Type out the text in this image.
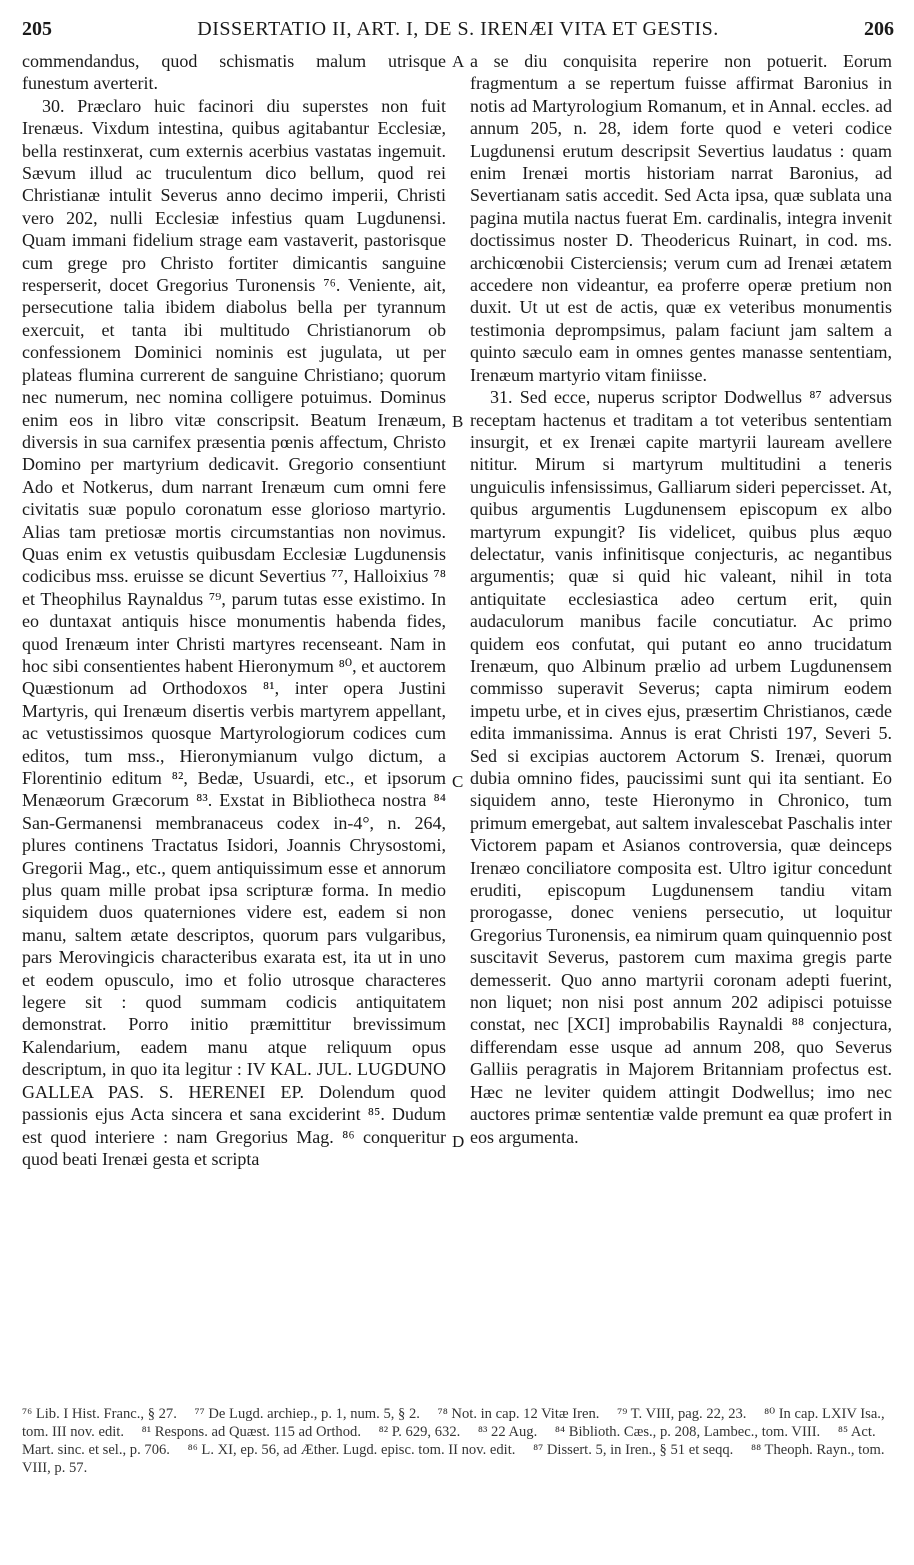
205	DISSERTATIO II, ART. I, DE S. IRENÆI VITA ET GESTIS.	206

commendandus, quod schismatis malum utrisque funestum averterit.

30. Præclaro huic facinori diu superstes non fuit Irenæus. Vixdum intestina, quibus agitabantur Ecclesiæ, bella restinxerat, cum externis acerbius vastatas ingemuit. Sævum illud ac truculentum dico bellum, quod rei Christianæ intulit Severus anno decimo imperii, Christi vero 202, nulli Ecclesiæ infestius quam Lugdunensi. Quam immani fidelium strage eam vastaverit, pastorisque cum grege pro Christo fortiter dimicantis sanguine resperserit, docet Gregorius Turonensis ⁷⁶. Veniente, ait, persecutione talia ibidem diabolus bella per tyrannum exercuit, et tanta ibi multitudo Christianorum ob confessionem Dominici nominis est jugulata, ut per plateas flumina currerent de sanguine Christiano; quorum nec numerum, nec nomina colligere potuimus. Dominus enim eos in libro vitæ conscripsit. Beatum Irenæum, diversis in sua carnifex præsentia pœnis affectum, Christo Domino per martyrium dedicavit. Gregorio consentiunt Ado et Notkerus, dum narrant Irenæum cum omni fere civitatis suæ populo coronatum esse glorioso martyrio. Alias tam pretiosæ mortis circumstantias non novimus. Quas enim ex vetustis quibusdam Ecclesiæ Lugdunensis codicibus mss. eruisse se dicunt Severtius ⁷⁷, Halloixius ⁷⁸ et Theophilus Raynaldus ⁷⁹, parum tutas esse existimo. In eo duntaxat antiquis hisce monumentis habenda fides, quod Irenæum inter Christi martyres recenseant. Nam in hoc sibi consentientes habent Hieronymum ⁸⁰, et auctorem Quæstionum ad Orthodoxos ⁸¹, inter opera Justini Martyris, qui Irenæum disertis verbis martyrem appellant, ac vetustissimos quosque Martyrologiorum codices cum editos, tum mss., Hieronymianum vulgo dictum, a Florentinio editum ⁸², Bedæ, Usuardi, etc., et ipsorum Menæorum Græcorum ⁸³. Exstat in Bibliotheca nostra ⁸⁴ San-Germanensi membranaceus codex in-4°, n. 264, plures continens Tractatus Isidori, Joannis Chrysostomi, Gregorii Mag., etc., quem antiquissimum esse et annorum plus quam mille probat ipsa scripturæ forma. In medio siquidem duos quaterniones videre est, eadem si non manu, saltem ætate descriptos, quorum pars vulgaribus, pars Merovingicis characteribus exarata est, ita ut in uno et eodem opusculo, imo et folio utrosque characteres legere sit : quod summam codicis antiquitatem demonstrat. Porro initio præmittitur brevissimum Kalendarium, eadem manu atque reliquum opus descriptum, in quo ita legitur : IV KAL. JUL. LUGDUNO GALLEA PAS. S. HERENEI EP. Dolendum quod passionis ejus Acta sincera et sana exciderint ⁸⁵. Dudum est quod interiere : nam Gregorius Mag. ⁸⁶ conqueritur quod beati Irenæi gesta et scripta

a se diu conquisita reperire non potuerit. Eorum fragmentum a se repertum fuisse affirmat Baronius in notis ad Martyrologium Romanum, et in Annal. eccles. ad annum 205, n. 28, idem forte quod e veteri codice Lugdunensi erutum descripsit Severtius laudatus : quam enim Irenæi mortis historiam narrat Baronius, ad Severtianam satis accedit. Sed Acta ipsa, quæ sublata una pagina mutila nactus fuerat Em. cardinalis, integra invenit doctissimus noster D. Theodericus Ruinart, in cod. ms. archicœnobii Cisterciensis; verum cum ad Irenæi ætatem accedere non videantur, ea proferre operæ pretium non duxit. Ut ut est de actis, quæ ex veteribus monumentis testimonia deprompsimus, palam faciunt jam saltem a quinto sæculo eam in omnes gentes manasse sententiam, Irenæum martyrio vitam finiisse.

31. Sed ecce, nuperus scriptor Dodwellus ⁸⁷ adversus receptam hactenus et traditam a tot veteribus sententiam insurgit, et ex Irenæi capite martyrii lauream avellere nititur. Mirum si martyrum multitudini a teneris unguiculis infensissimus, Galliarum sideri pepercisset. At, quibus argumentis Lugdunensem episcopum ex albo martyrum expungit? Iis videlicet, quibus plus æquo delectatur, vanis infinitisque conjecturis, ac negantibus argumentis; quæ si quid hic valeant, nihil in tota antiquitate ecclesiastica adeo certum erit, quin audaculorum manibus facile concutiatur. Ac primo quidem eos confutat, qui putant eo anno trucidatum Irenæum, quo Albinum prælio ad urbem Lugdunensem commisso superavit Severus; capta nimirum eodem impetu urbe, et in cives ejus, præsertim Christianos, cæde edita immanissima. Annus is erat Christi 197, Severi 5. Sed si excipias auctorem Actorum S. Irenæi, quorum dubia omnino fides, paucissimi sunt qui ita sentiant. Eo siquidem anno, teste Hieronymo in Chronico, tum primum emergebat, aut saltem invalescebat Paschalis inter Victorem papam et Asianos controversia, quæ deinceps Irenæo conciliatore composita est. Ultro igitur concedunt eruditi, episcopum Lugdunensem tandiu vitam prorogasse, donec veniens persecutio, ut loquitur Gregorius Turonensis, ea nimirum quam quinquennio post suscitavit Severus, pastorem cum maxima gregis parte demesserit. Quo anno martyrii coronam adepti fuerint, non liquet; non nisi post annum 202 adipisci potuisse constat, nec [XCI] improbabilis Raynaldi ⁸⁸ conjectura, differendam esse usque ad annum 208, quo Severus Galliis peragratis in Majorem Britanniam profectus est. Hæc ne leviter quidem attingit Dodwellus; imo nec auctores primæ sententiæ valde premunt ea quæ profert in eos argumenta.

A
B
C
D
⁷⁶ Lib. I Hist. Franc., § 27. ⁷⁷ De Lugd. archiep., p. 1, num. 5, § 2. ⁷⁸ Not. in cap. 12 Vitæ Iren. ⁷⁹ T. VIII, pag. 22, 23. ⁸⁰ In cap. LXIV Isa., tom. III nov. edit. ⁸¹ Respons. ad Quæst. 115 ad Orthod. ⁸² P. 629, 632. ⁸³ 22 Aug. ⁸⁴ Biblioth. Cæs., p. 208, Lambec., tom. VIII. ⁸⁵ Act. Mart. sinc. et sel., p. 706. ⁸⁶ L. XI, ep. 56, ad Æther. Lugd. episc. tom. II nov. edit. ⁸⁷ Dissert. 5, in Iren., § 51 et seqq. ⁸⁸ Theoph. Rayn., tom. VIII, p. 57.
